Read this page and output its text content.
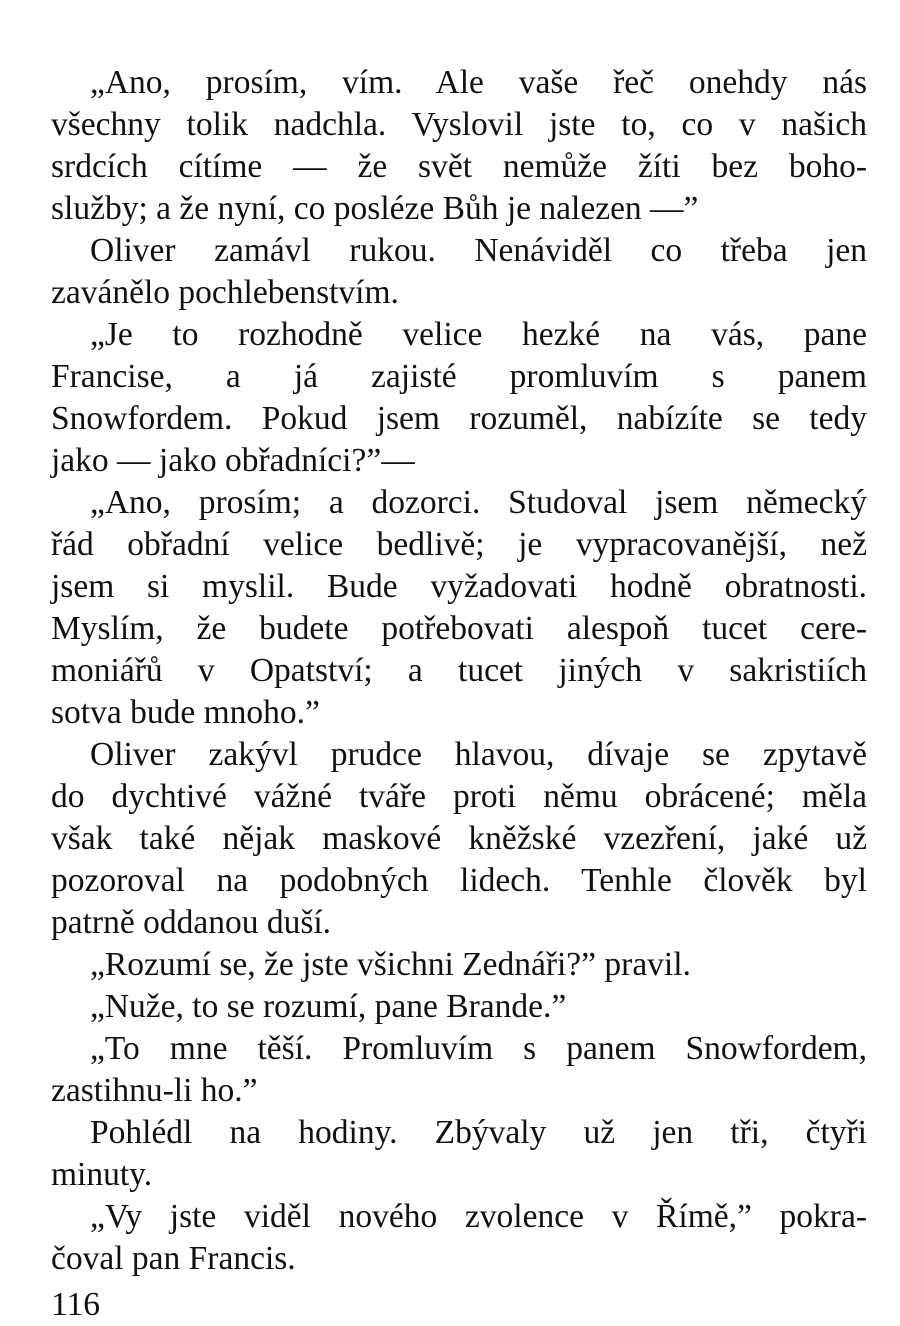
„Ano, prosím, vím. Ale vaše řeč onehdy nás
všechny tolik nadchla. Vyslovil jste to, co v našich
srdcích cítíme — že svět nemůže žíti bez boho-
služby; a že nyní, co posléze Bůh je nalezen —”

Oliver zamávl rukou. Nenáviděl co třeba jen
zavánělo pochlebenstvím.

„Je to rozhodně velice hezké na vás, pane
Francise, a já zajisté promluvím s panem
Snowfordem. Pokud jsem rozuměl, nabízíte se tedy
jako — jako obřadníci?”—

„Ano, prosím; a dozorci. Studoval jsem německý
řád obřadní velice bedlivě; je vypracovanější, než
jsem si myslil. Bude vyžadovati hodně obratnosti.
Myslím, že budete potřebovati alespoň tucet cere-
moniářů v Opatství; a tucet jiných v sakristiích
sotva bude mnoho.”

Oliver zakývl prudce hlavou, dívaje se zpytavě
do dychtivé vážné tváře proti němu obrácené; měla
však také nějak maskové kněžské vzezření, jaké už
pozoroval na podobných lidech. Tenhle člověk byl
patrně oddanou duší.

„Rozumí se, že jste všichni Zednáři?” pravil.

„Nuže, to se rozumí, pane Brande.”

„To mne těší. Promluvím s panem Snowfordem,
zastihnu-li ho.”

Pohlédl na hodiny. Zbývaly už jen tři, čtyři
minuty.

„Vy jste viděl nového zvolence v Římě,” pokra-
čoval pan Francis.

116
